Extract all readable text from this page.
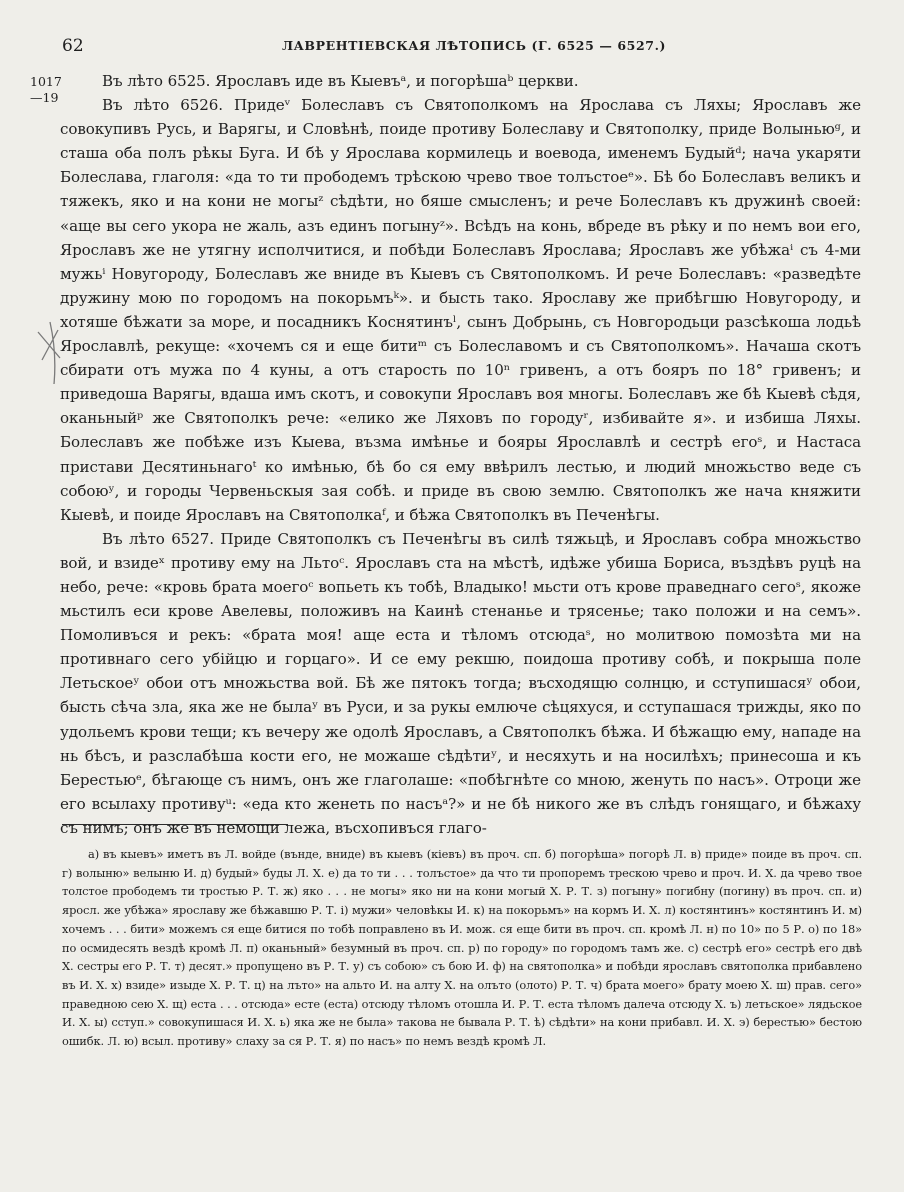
62	ЛАВРЕНТІЕВСКАЯ ЛѢТОПИСЬ (Г. 6525 — 6527.)
1017
—19

Въ лѣто 6525. Ярославъ иде въ Кыевъᵃ, и погорѣшаᵇ церкви.

Въ лѣто 6526. Придеᵛ Болеславъ съ Святополкомъ на Ярослава съ Ляхы; Ярославъ же совокупивъ Русь, и Варягы, и Словѣнѣ, поиде противу Болеславу и Святополку, приде Волыньюᵍ, и сташа оба полъ рѣкы Буга. И бѣ у Ярослава кормилець и воевода, именемъ Будыйᵈ; нача укаряти Болеслава, глаголя: «да то ти прободемъ трѣскою чрево твое толъстоеᵉ». Бѣ бо Болеславъ великъ и тяжекъ, яко и на кони не могыᶻ сѣдѣти, но бяше смысленъ; и рече Болеславъ къ дружинѣ своей: «аще вы сего укора не жаль, азъ единъ погынуᶻ». Всѣдъ на конь, вбреде въ рѣку и по немъ вои его, Ярославъ же не утягну исполчитися, и побѣди Болеславъ Ярослава; Ярославъ же убѣжаⁱ съ 4-ми мужьⁱ Новугороду, Болеславъ же вниде въ Кыевъ съ Святополкомъ. И рече Болеславъ: «разведѣте дружину мою по городомъ на покорьмъᵏ». и бысть тако. Ярославу же прибѣгшю Новугороду, и хотяше бѣжати за море, и посадникъ Коснятинъˡ, сынъ Добрынь, съ Новгородьци разсѣкоша лодьѣ Ярославлѣ, рекуще: «хочемъ ся и еще битиᵐ съ Болеславомъ и съ Святополкомъ». Начаша скотъ сбирати отъ мужа по 4 куны, а отъ старость по 10ⁿ гривенъ, а отъ бояръ по 18° гривенъ; и приведоша Варягы, вдаша имъ скотъ, и совокупи Ярославъ воя многы. Болеславъ же бѣ Кыевѣ сѣдя, оканьныйᵖ же Святополкъ рече: «елико же Ляховъ по городуʳ, избивайте я». и избиша Ляхы. Болеславъ же побѣже изъ Кыева, възма имѣнье и бояры Ярославлѣ и сестрѣ егоˢ, и Настаса пристави Десятиньнагоᵗ ко имѣнью, бѣ бо ся ему ввѣрилъ лестью, и людий множьство веде съ собоюʸ, и городы Червеньскыя зая собѣ. и приде въ свою землю. Святополкъ же нача княжити Кыевѣ, и поиде Ярославъ на Святополкаᶠ, и бѣжа Святополкъ въ Печенѣгы.

Въ лѣто 6527. Приде Святополкъ съ Печенѣгы въ силѣ тяжьцѣ, и Ярославъ собра множьство вой, и взидеˣ противу ему на Льтоᶜ. Ярославъ ста на мѣстѣ, идѣже убиша Бориса, въздѣвъ руцѣ на небо, рече: «кровь брата моегоᶜ вопьеть къ тобѣ, Владыко! мьсти отъ крове праведнаго сегоˢ, якоже мьстилъ еси крове Авелевы, положивъ на Каинѣ стенанье и трясенье; тако положи и на семъ». Помоливъся и рекъ: «брата моя! аще еста и тѣломъ отсюдаˢ, но молитвою помозѣта ми на противнаго сего убійцю и горцаго». И се ему рекшю, поидоша противу собѣ, и покрыша поле Летьскоеʸ обои отъ множьства вой. Бѣ же пятокъ тогда; въсходящю солнцю, и сступишасяʸ обои, бысть сѣча зла, яка же не былаʸ въ Руси, и за рукы емлюче сѣцяхуся, и сступашася трижды, яко по удольемъ крови тещи; къ вечеру же одолѣ Ярославъ, а Святополкъ бѣжа. И бѣжащю ему, нападе на нь бѣсъ, и разслабѣша кости его, не можаше сѣдѣтиʸ, и несяхуть и на носилѣхъ; принесоша и къ Берестьюᵉ, бѣгающе съ нимъ, онъ же глаголаше: «побѣгнѣте со мною, женуть по насъ». Отроци же его всылаху противуᵘ: «еда кто женеть по насъᵃ?» и не бѣ никого же въ слѣдъ гонящаго, и бѣжаху съ нимъ; онъ же въ немощи лежа, въсхопивъся глаго-

а) въ кыевъ» иметъ въ Л. войде (вънде, вниде) въ кыевъ (кіевъ) въ проч. сп. б) погорѣша» погорѣ Л. в) приде» поиде въ проч. сп. г) волыню» велыню И. д) будый» буды Л. Х. е) да то ти . . . толъстое» да что ти пропоремъ трескою чрево и проч. И. Х. да чрево твое толстое прободемъ ти тростью Р. Т. ж) яко . . . не могы» яко ни на кони могый Х. Р. Т. з) погыну» погибну (погину) въ проч. сп. и) яросл. же убѣжа» ярославу же бѣжавшю Р. Т. і) мужи» человѣкы И. к) на покорьмъ» на кормъ И. Х. л) костянтинъ» костянтинъ И. м) хочемъ . . . бити» можемъ ся еще битися по тобѣ поправлено въ И. мож. ся еще бити въ проч. сп. кромѣ Л. н) по 10» по 5 Р. о) по 18» по осмидесять вездѣ кромѣ Л. п) оканьный» безумный въ проч. сп. р) по городу» по городомъ тамъ же. с) сестрѣ его» сестрѣ его двѣ Х. сестры его Р. Т. т) десят.» пропущено въ Р. Т. у) съ собою» съ бою И. ф) на святополка» и побѣди ярославъ святополка прибавлено въ И. Х. х) взиде» изыде Х. Р. Т. ц) на лъто» на альто И. на алту Х. на олъто (олото) Р. Т. ч) брата моего» брату моею Х. ш) прав. сего» праведною сею Х. щ) еста . . . отсюда» есте (еста) отсюду тѣломъ отошла И. Р. Т. еста тѣломъ далеча отсюду Х. ъ) летьское» лядьское И. Х. ы) сступ.» совокупишася И. Х. ь) яка же не была» такова не бывала Р. Т. ѣ) сѣдѣти» на кони прибавл. И. Х. э) берестью» бестою ошибк. Л. ю) всыл. противу» слаху за ся Р. Т. я) по насъ» по немъ вездѣ кромѣ Л.
